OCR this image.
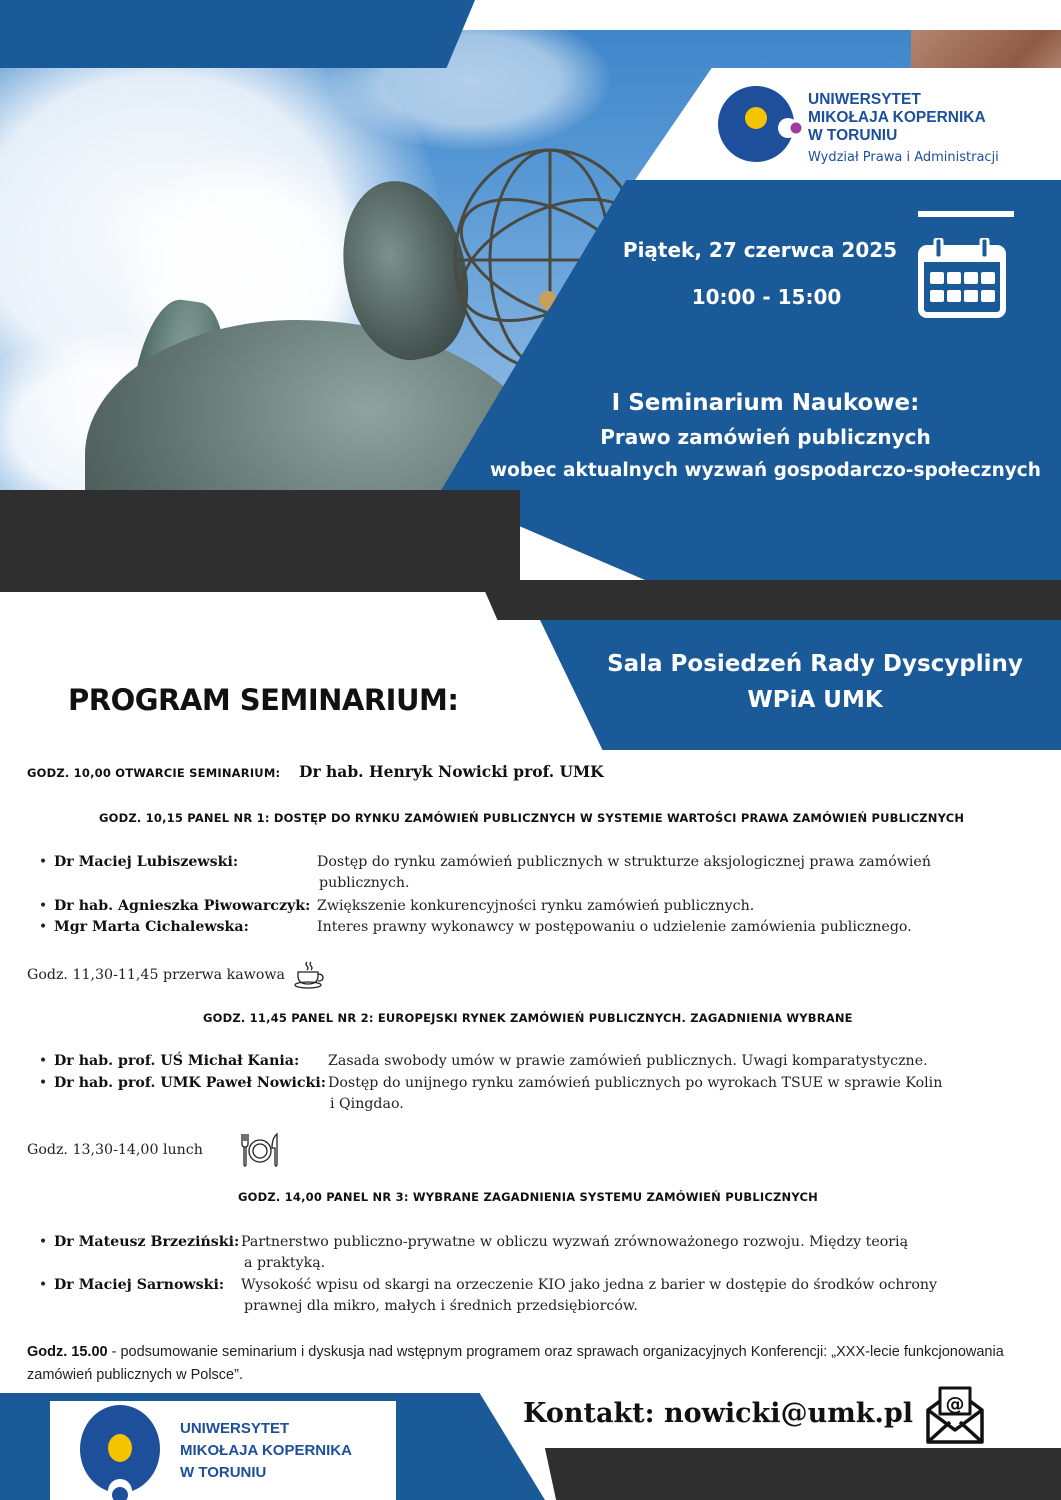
UNIWERSYTET
MIKOŁAJA KOPERNIKA
W TORUNIU
Wydział Prawa i Administracji
Piątek, 27 czerwca 2025
10:00 - 15:00
I Seminarium Naukowe:
Prawo zamówień publicznych
wobec aktualnych wyzwań gospodarczo-społecznych
Sala Posiedzeń Rady Dyscypliny
WPiA UMK
PROGRAM SEMINARIUM:
GODZ. 10,00 OTWARCIE SEMINARIUM: Dr hab. Henryk Nowicki prof. UMK
GODZ. 10,15 PANEL NR 1: DOSTĘP DO RYNKU ZAMÓWIEŃ PUBLICZNYCH W SYSTEMIE WARTOŚCI PRAWA ZAMÓWIEŃ PUBLICZNYCH
• Dr Maciej Lubiszewski:	Dostęp do rynku zamówień publicznych w strukturze aksjologicznej prawa zamówień
publicznych.
• Dr hab. Agnieszka Piwowarczyk: Zwiększenie konkurencyjności rynku zamówień publicznych.
• Mgr Marta Cichalewska:	Interes prawny wykonawcy w postępowaniu o udzielenie zamówienia publicznego.
Godz. 11,30-11,45 przerwa kawowa
GODZ. 11,45 PANEL NR 2: EUROPEJSKI RYNEK ZAMÓWIEŃ PUBLICZNYCH. ZAGADNIENIA WYBRANE
• Dr hab. prof. UŚ Michał Kania: Zasada swobody umów w prawie zamówień publicznych. Uwagi komparatystyczne.
• Dr hab. prof. UMK Paweł Nowicki: Dostęp do unijnego rynku zamówień publicznych po wyrokach TSUE w sprawie Kolin
i Qingdao.
Godz. 13,30-14,00 lunch
GODZ. 14,00 PANEL NR 3: WYBRANE ZAGADNIENIA SYSTEMU ZAMÓWIEŃ PUBLICZNYCH
• Dr Mateusz Brzeziński: Partnerstwo publiczno-prywatne w obliczu wyzwań zrównoważonego rozwoju. Między teorią
a praktyką.
• Dr Maciej Sarnowski: Wysokość wpisu od skargi na orzeczenie KIO jako jedna z barier w dostępie do środków ochrony
prawnej dla mikro, małych i średnich przedsiębiorców.
Godz. 15.00 - podsumowanie seminarium i dyskusja nad wstępnym programem oraz sprawach organizacyjnych Konferencji: „XXX-lecie funkcjonowania zamówień publicznych w Polsce”.
UNIWERSYTET
MIKOŁAJA KOPERNIKA
W TORUNIU
Kontakt: nowicki@umk.pl @
